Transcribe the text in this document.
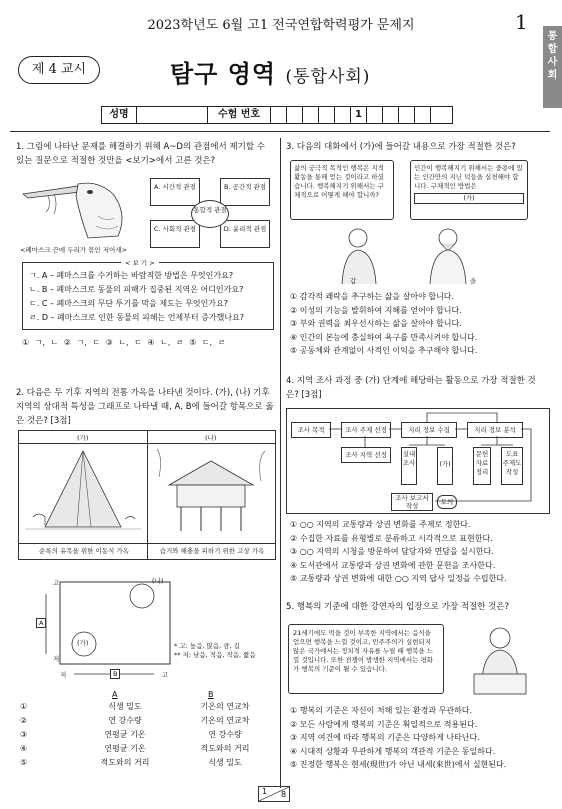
2023학년도 6월 고1 전국연합학력평가 문제지	1
통합사회
제 4 교시	탐구 영역 (통합사회)
성명	수험 번호	1
1. 그림에 나타난 문제를 해결하기 위해 A~D의 관점에서 제기할 수 있는 질문으로 적절한 것만을 <보기>에서 고른 것은?
<폐마스크 끈에 두리가 묶인 저어새>
A. 시간적 관점	B. 공간적 관점
C. 사회적 관점	D. 윤리적 관점
통합적 관점
< 보 기 >
ㄱ. A – 폐마스크를 수거하는 바람직한 방법은 무엇인가요?
ㄴ. B – 폐마스크로 동물의 피해가 집중된 지역은 어디인가요?
ㄷ. C – 폐마스크의 무단 투기를 막을 제도는 무엇인가요?
ㄹ. D – 폐마스크로 인한 동물의 피해는 언제부터 증가했나요?
① ㄱ, ㄴ ② ㄱ, ㄷ ③ ㄴ, ㄷ ④ ㄴ, ㄹ ⑤ ㄷ, ㄹ
2. 다음은 두 기후 지역의 전통 가옥을 나타낸 것이다. (가), (나) 기후 지역의 상대적 특성을 그래프로 나타낼 때, A, B에 들어갈 항목으로 옳은 것은? [3점]
(가)	(나)
순록의 유목을 위한 이동식 가옥	습기와 해충을 피하기 위한 고상 가옥
(나)
(가)
고
저
A
B
저	고
* 고: 높음, 많음, 큼, 길
** 저: 낮음, 적음, 작음, 짧음
A	B
①	식생 밀도	기온의 연교차
②	연 강수량	기온의 연교차
③	연평균 기온	연 강수량
④	연평균 기온	적도와의 거리
⑤	적도와의 거리	식생 밀도
3. 다음의 대화에서 (가)에 들어갈 내용으로 가장 적절한 것은?
삶의 궁극적 목적인 행복은 지적 활동을 통해 얻는 것이라고 하셨습니다. 행복해지기 위해서는 구체적으로 어떻게 해야 합니까?
인간이 행복해지기 위해서는 중용에 있는 인간만의 지닌 덕들을 실천해야 합니다. 구체적인 방법은
(가)
갑	을
① 감각적 쾌락을 추구하는 삶을 살아야 합니다.
② 이성의 기능을 발휘하여 지혜를 얻어야 합니다.
③ 부와 권력을 최우선시하는 삶을 살아야 합니다.
④ 인간의 본능에 충실하여 욕구를 만족시켜야 합니다.
⑤ 공동체와 관계없이 사적인 이익을 추구해야 합니다.
4. 지역 조사 과정 중 (가) 단계에 해당하는 활동으로 가장 적절한 것은? [3점]
조사 목적	조사 주제 선정	지리 정보 수집	지리 정보 분석
조사 지역 선정	실내 조사	(가)
문헌 자료 정리
도표 주제도 작성
조사 보고서 작성	토의
① ○○ 지역의 교통량과 상권 변화를 주제로 정한다.
② 수집한 자료를 유형별로 분류하고 시각적으로 표현한다.
③ ○○ 지역의 시청을 방문하여 담당자와 면담을 실시한다.
④ 도서관에서 교통량과 상권 변화에 관한 문헌을 조사한다.
⑤ 교통량과 상권 변화에 대한 ○○ 지역 답사 일정을 수립한다.
5. 행복의 기준에 대한 강연자의 입장으로 가장 적절한 것은?
21세기에도 먹을 것이 부족한 지역에서는 음식을 얻으면 행복을 느낄 것이고, 민주주의가 실현되지 않은 국가에서는 정치적 자유를 누릴 때 행복을 느낄 것입니다. 또한 전쟁이 발생한 지역에서는 평화가 행복의 기준이 될 수 있습니다.
① 행복의 기준은 자신이 처해 있는 환경과 무관하다.
② 모든 사람에게 행복의 기준은 획일적으로 적용된다.
③ 지역 여건에 따라 행복의 기준은 다양하게 나타난다.
④ 시대적 상황과 무관하게 행복의 객관적 기준은 동일하다.
⑤ 진정한 행복은 현세(現世)가 아닌 내세(來世)에서 실현된다.
1 8
